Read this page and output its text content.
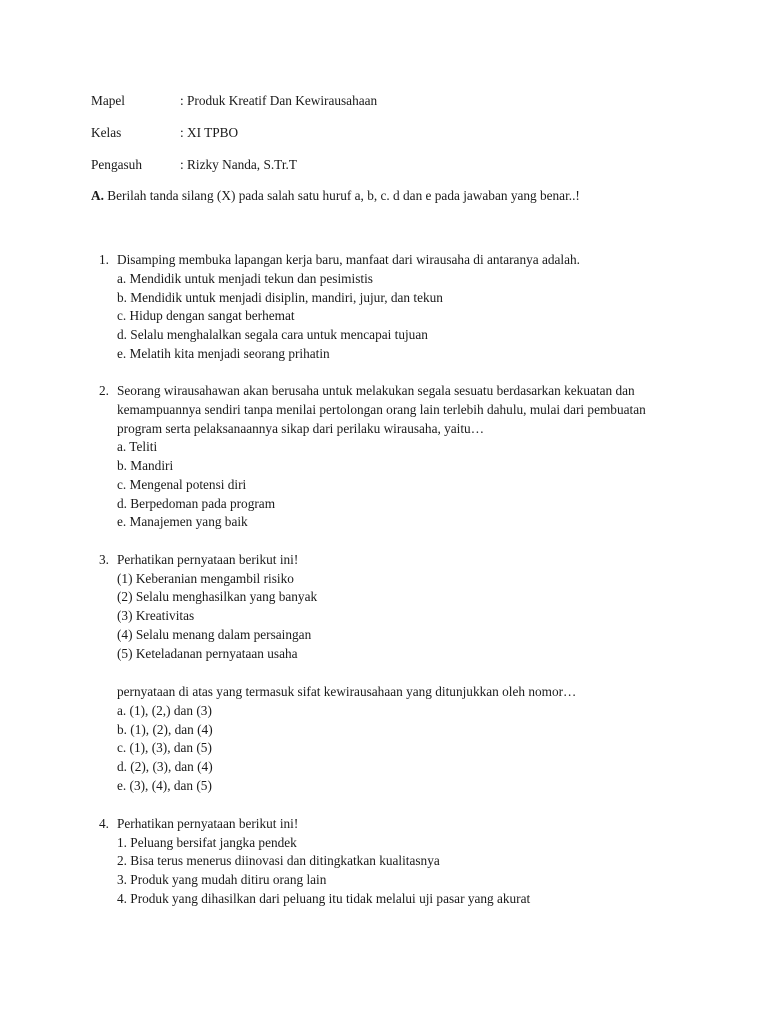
Mapel	: Produk Kreatif Dan Kewirausahaan
Kelas	: XI TPBO
Pengasuh	: Rizky Nanda, S.Tr.T
A. Berilah tanda silang (X) pada salah satu huruf a, b, c. d dan e pada jawaban yang benar..!
1. Disamping membuka lapangan kerja baru, manfaat dari wirausaha di antaranya adalah.
a. Mendidik untuk menjadi tekun dan pesimistis
b. Mendidik untuk menjadi disiplin, mandiri, jujur, dan tekun
c. Hidup dengan sangat berhemat
d. Selalu menghalalkan segala cara untuk mencapai tujuan
e. Melatih kita menjadi seorang prihatin
2. Seorang wirausahawan akan berusaha untuk melakukan segala sesuatu berdasarkan kekuatan dan
kemampuannya sendiri tanpa menilai pertolongan orang lain terlebih dahulu, mulai dari pembuatan
program serta pelaksanaannya sikap dari perilaku wirausaha, yaitu…
a. Teliti
b. Mandiri
c. Mengenal potensi diri
d. Berpedoman pada program
e. Manajemen yang baik
3. Perhatikan pernyataan berikut ini!
(1) Keberanian mengambil risiko
(2) Selalu menghasilkan yang banyak
(3) Kreativitas
(4) Selalu menang dalam persaingan
(5) Keteladanan pernyataan usaha
pernyataan di atas yang termasuk sifat kewirausahaan yang ditunjukkan oleh nomor…
a. (1), (2,) dan (3)
b. (1), (2), dan (4)
c. (1), (3), dan (5)
d. (2), (3), dan (4)
e. (3), (4), dan (5)
4. Perhatikan pernyataan berikut ini!
1. Peluang bersifat jangka pendek
2. Bisa terus menerus diinovasi dan ditingkatkan kualitasnya
3. Produk yang mudah ditiru orang lain
4. Produk yang dihasilkan dari peluang itu tidak melalui uji pasar yang akurat
